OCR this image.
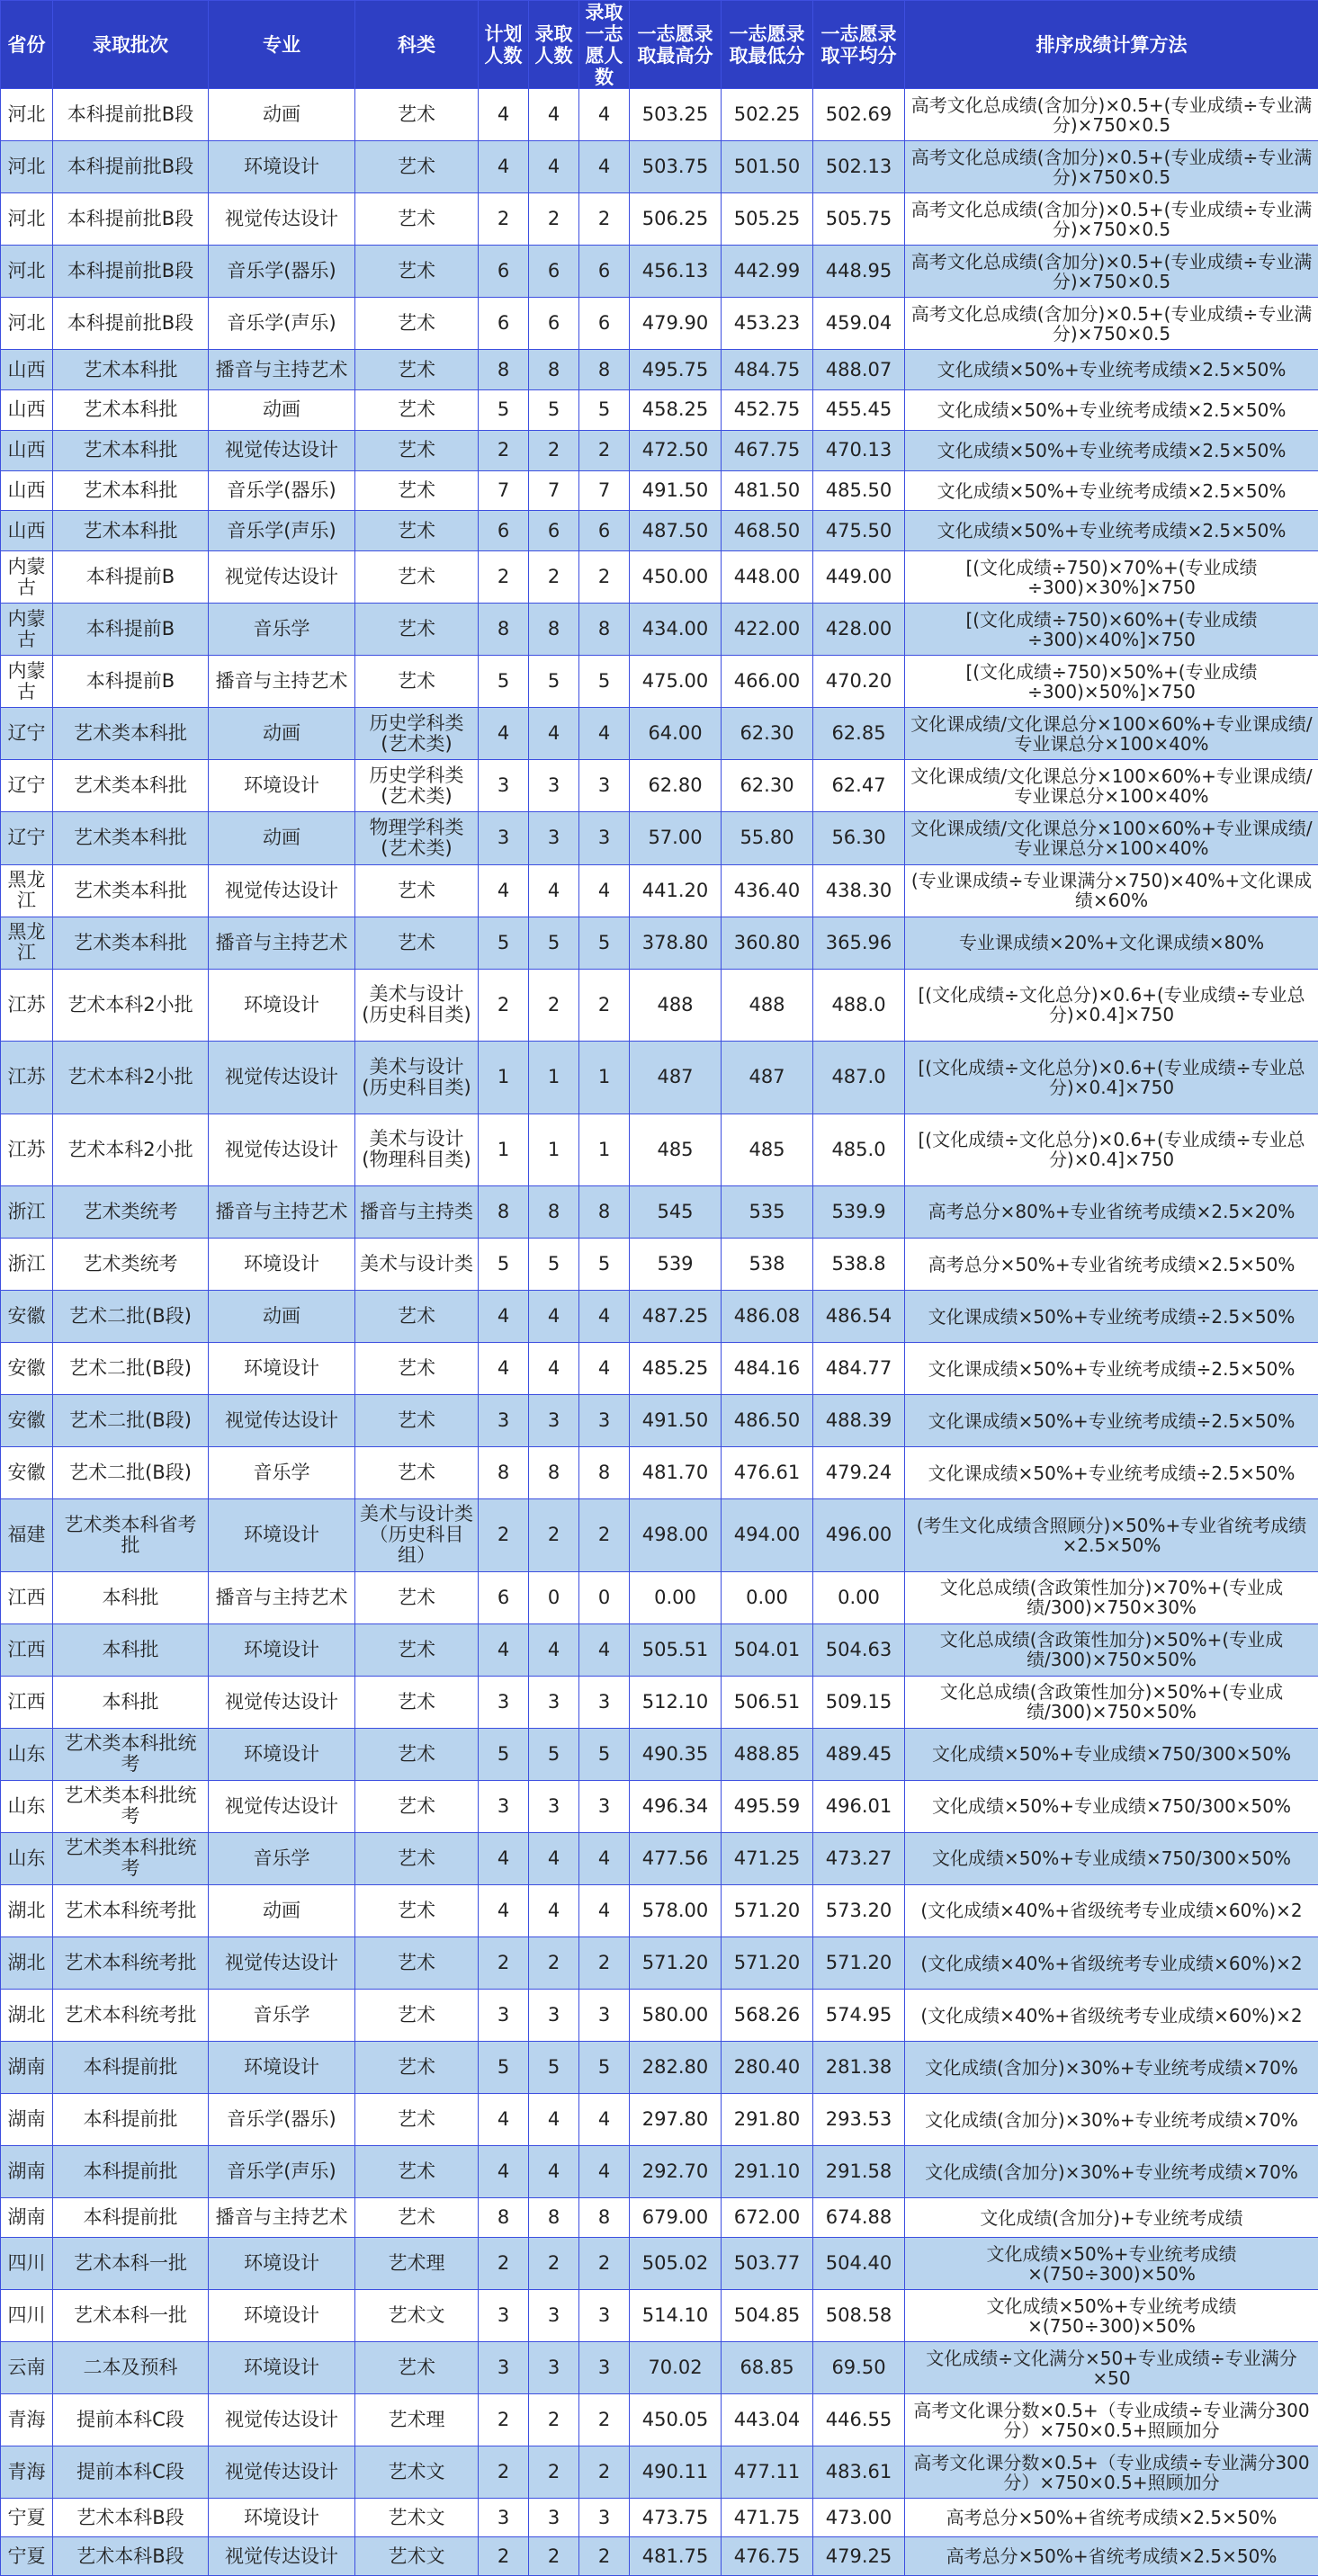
省份	录取批次	专业	科类	计划人数	录取人数	录取一志愿人数	一志愿录取最高分	一志愿录取最低分	一志愿录取平均分	排序成绩计算方法
河北	本科提前批B段	动画	艺术	4	4	4	503.25	502.25	502.69	高考文化总成绩(含加分)×0.5+(专业成绩÷专业满分)×750×0.5
河北	本科提前批B段	环境设计	艺术	4	4	4	503.75	501.50	502.13	高考文化总成绩(含加分)×0.5+(专业成绩÷专业满分)×750×0.5
河北	本科提前批B段	视觉传达设计	艺术	2	2	2	506.25	505.25	505.75	高考文化总成绩(含加分)×0.5+(专业成绩÷专业满分)×750×0.5
河北	本科提前批B段	音乐学(器乐)	艺术	6	6	6	456.13	442.99	448.95	高考文化总成绩(含加分)×0.5+(专业成绩÷专业满分)×750×0.5
河北	本科提前批B段	音乐学(声乐)	艺术	6	6	6	479.90	453.23	459.04	高考文化总成绩(含加分)×0.5+(专业成绩÷专业满分)×750×0.5
山西	艺术本科批	播音与主持艺术	艺术	8	8	8	495.75	484.75	488.07	文化成绩×50%+专业统考成绩×2.5×50%
山西	艺术本科批	动画	艺术	5	5	5	458.25	452.75	455.45	文化成绩×50%+专业统考成绩×2.5×50%
山西	艺术本科批	视觉传达设计	艺术	2	2	2	472.50	467.75	470.13	文化成绩×50%+专业统考成绩×2.5×50%
山西	艺术本科批	音乐学(器乐)	艺术	7	7	7	491.50	481.50	485.50	文化成绩×50%+专业统考成绩×2.5×50%
山西	艺术本科批	音乐学(声乐)	艺术	6	6	6	487.50	468.50	475.50	文化成绩×50%+专业统考成绩×2.5×50%
内蒙古	本科提前B	视觉传达设计	艺术	2	2	2	450.00	448.00	449.00	[(文化成绩÷750)×70%+(专业成绩÷300)×30%]×750
内蒙古	本科提前B	音乐学	艺术	8	8	8	434.00	422.00	428.00	[(文化成绩÷750)×60%+(专业成绩÷300)×40%]×750
内蒙古	本科提前B	播音与主持艺术	艺术	5	5	5	475.00	466.00	470.20	[(文化成绩÷750)×50%+(专业成绩÷300)×50%]×750
辽宁	艺术类本科批	动画	历史学科类(艺术类)	4	4	4	64.00	62.30	62.85	文化课成绩/文化课总分×100×60%+专业课成绩/专业课总分×100×40%
辽宁	艺术类本科批	环境设计	历史学科类(艺术类)	3	3	3	62.80	62.30	62.47	文化课成绩/文化课总分×100×60%+专业课成绩/专业课总分×100×40%
辽宁	艺术类本科批	动画	物理学科类(艺术类)	3	3	3	57.00	55.80	56.30	文化课成绩/文化课总分×100×60%+专业课成绩/专业课总分×100×40%
黑龙江	艺术类本科批	视觉传达设计	艺术	4	4	4	441.20	436.40	438.30	(专业课成绩÷专业课满分×750)×40%+文化课成绩×60%
黑龙江	艺术类本科批	播音与主持艺术	艺术	5	5	5	378.80	360.80	365.96	专业课成绩×20%+文化课成绩×80%
江苏	艺术本科2小批	环境设计	美术与设计(历史科目类)	2	2	2	488	488	488.0	[(文化成绩÷文化总分)×0.6+(专业成绩÷专业总分)×0.4]×750
江苏	艺术本科2小批	视觉传达设计	美术与设计(历史科目类)	1	1	1	487	487	487.0	[(文化成绩÷文化总分)×0.6+(专业成绩÷专业总分)×0.4]×750
江苏	艺术本科2小批	视觉传达设计	美术与设计(物理科目类)	1	1	1	485	485	485.0	[(文化成绩÷文化总分)×0.6+(专业成绩÷专业总分)×0.4]×750
浙江	艺术类统考	播音与主持艺术	播音与主持类	8	8	8	545	535	539.9	高考总分×80%+专业省统考成绩×2.5×20%
浙江	艺术类统考	环境设计	美术与设计类	5	5	5	539	538	538.8	高考总分×50%+专业省统考成绩×2.5×50%
安徽	艺术二批(B段)	动画	艺术	4	4	4	487.25	486.08	486.54	文化课成绩×50%+专业统考成绩÷2.5×50%
安徽	艺术二批(B段)	环境设计	艺术	4	4	4	485.25	484.16	484.77	文化课成绩×50%+专业统考成绩÷2.5×50%
安徽	艺术二批(B段)	视觉传达设计	艺术	3	3	3	491.50	486.50	488.39	文化课成绩×50%+专业统考成绩÷2.5×50%
安徽	艺术二批(B段)	音乐学	艺术	8	8	8	481.70	476.61	479.24	文化课成绩×50%+专业统考成绩÷2.5×50%
福建	艺术类本科省考批	环境设计	美术与设计类（历史科目组）	2	2	2	498.00	494.00	496.00	(考生文化成绩含照顾分)×50%+专业省统考成绩×2.5×50%
江西	本科批	播音与主持艺术	艺术	6	0	0	0.00	0.00	0.00	文化总成绩(含政策性加分)×70%+(专业成绩/300)×750×30%
江西	本科批	环境设计	艺术	4	4	4	505.51	504.01	504.63	文化总成绩(含政策性加分)×50%+(专业成绩/300)×750×50%
江西	本科批	视觉传达设计	艺术	3	3	3	512.10	506.51	509.15	文化总成绩(含政策性加分)×50%+(专业成绩/300)×750×50%
山东	艺术类本科批统考	环境设计	艺术	5	5	5	490.35	488.85	489.45	文化成绩×50%+专业成绩×750/300×50%
山东	艺术类本科批统考	视觉传达设计	艺术	3	3	3	496.34	495.59	496.01	文化成绩×50%+专业成绩×750/300×50%
山东	艺术类本科批统考	音乐学	艺术	4	4	4	477.56	471.25	473.27	文化成绩×50%+专业成绩×750/300×50%
湖北	艺术本科统考批	动画	艺术	4	4	4	578.00	571.20	573.20	(文化成绩×40%+省级统考专业成绩×60%)×2
湖北	艺术本科统考批	视觉传达设计	艺术	2	2	2	571.20	571.20	571.20	(文化成绩×40%+省级统考专业成绩×60%)×2
湖北	艺术本科统考批	音乐学	艺术	3	3	3	580.00	568.26	574.95	(文化成绩×40%+省级统考专业成绩×60%)×2
湖南	本科提前批	环境设计	艺术	5	5	5	282.80	280.40	281.38	文化成绩(含加分)×30%+专业统考成绩×70%
湖南	本科提前批	音乐学(器乐)	艺术	4	4	4	297.80	291.80	293.53	文化成绩(含加分)×30%+专业统考成绩×70%
湖南	本科提前批	音乐学(声乐)	艺术	4	4	4	292.70	291.10	291.58	文化成绩(含加分)×30%+专业统考成绩×70%
湖南	本科提前批	播音与主持艺术	艺术	8	8	8	679.00	672.00	674.88	文化成绩(含加分)+专业统考成绩
四川	艺术本科一批	环境设计	艺术理	2	2	2	505.02	503.77	504.40	文化成绩×50%+专业统考成绩×(750÷300)×50%
四川	艺术本科一批	环境设计	艺术文	3	3	3	514.10	504.85	508.58	文化成绩×50%+专业统考成绩×(750÷300)×50%
云南	二本及预科	环境设计	艺术	3	3	3	70.02	68.85	69.50	文化成绩÷文化满分×50+专业成绩÷专业满分×50
青海	提前本科C段	视觉传达设计	艺术理	2	2	2	450.05	443.04	446.55	高考文化课分数×0.5+（专业成绩÷专业满分300分）×750×0.5+照顾加分
青海	提前本科C段	视觉传达设计	艺术文	2	2	2	490.11	477.11	483.61	高考文化课分数×0.5+（专业成绩÷专业满分300分）×750×0.5+照顾加分
宁夏	艺术本科B段	环境设计	艺术文	3	3	3	473.75	471.75	473.00	高考总分×50%+省统考成绩×2.5×50%
宁夏	艺术本科B段	视觉传达设计	艺术文	2	2	2	481.75	476.75	479.25	高考总分×50%+省统考成绩×2.5×50%
